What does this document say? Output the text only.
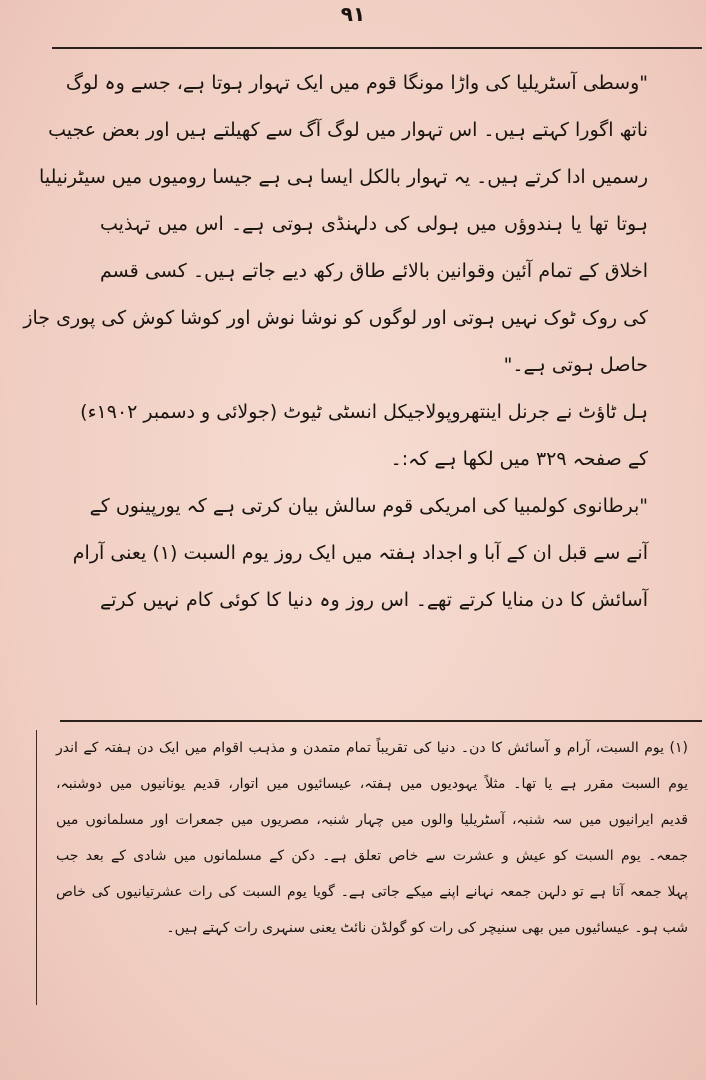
۹۱
"وسطی آسٹریلیا کی واڑا مونگا قوم میں ایک تہوار ہوتا ہے، جسے وہ لوگ
ناتھ اگورا کہتے ہیں۔ اس تہوار میں لوگ آگ سے کھیلتے ہیں اور بعض عجیب
رسمیں ادا کرتے ہیں۔ یہ تہوار بالکل ایسا ہی ہے جیسا رومیوں میں سیٹرنیلیا
ہوتا تھا یا ہندوؤں میں ہولی کی دلہنڈی ہوتی ہے۔ اس میں تہذیب
اخلاق کے تمام آئین وقوانین بالائے طاق رکھ دیے جاتے ہیں۔ کسی قسم
کی روک ٹوک نہیں ہوتی اور لوگوں کو نوشا نوش اور کوشا کوش کی پوری جاز
حاصل ہوتی ہے۔"
ہل ٹاؤٹ نے جرنل اینتھروپولاجیکل انسٹی ٹیوٹ (جولائی و دسمبر ۱۹۰۲ء)
کے صفحہ ۳۲۹ میں لکھا ہے کہ:۔
"برطانوی کولمبیا کی امریکی قوم سالش بیان کرتی ہے کہ یورپینوں کے
آنے سے قبل ان کے آبا و اجداد ہفتہ میں ایک روز یوم السبت (۱) یعنی آرام
آسائش کا دن منایا کرتے تھے۔ اس روز وہ دنیا کا کوئی کام نہیں کرتے
(۱) یوم السبت، آرام و آسائش کا دن۔ دنیا کی تقریباً تمام متمدن و مذہب اقوام میں ایک دن ہفتہ کے اندر
یوم السبت مقرر ہے یا تھا۔ مثلاً یہودیوں میں ہفتہ، عیسائیوں میں اتوار، قدیم یونانیوں میں دوشنبہ،
قدیم ایرانیوں میں سہ شنبہ، آسٹریلیا والوں میں چہار شنبہ، مصریوں میں جمعرات اور مسلمانوں میں
جمعہ۔ یوم السبت کو عیش و عشرت سے خاص تعلق ہے۔ دکن کے مسلمانوں میں شادی کے بعد جب
پہلا جمعہ آتا ہے تو دلہن جمعہ نہانے اپنے میکے جاتی ہے۔ گویا یوم السبت کی رات عشرتیانیوں کی خاص
شب ہو۔ عیسائیوں میں بھی سنیچر کی رات کو گولڈن نائٹ یعنی سنہری رات کہتے ہیں۔
